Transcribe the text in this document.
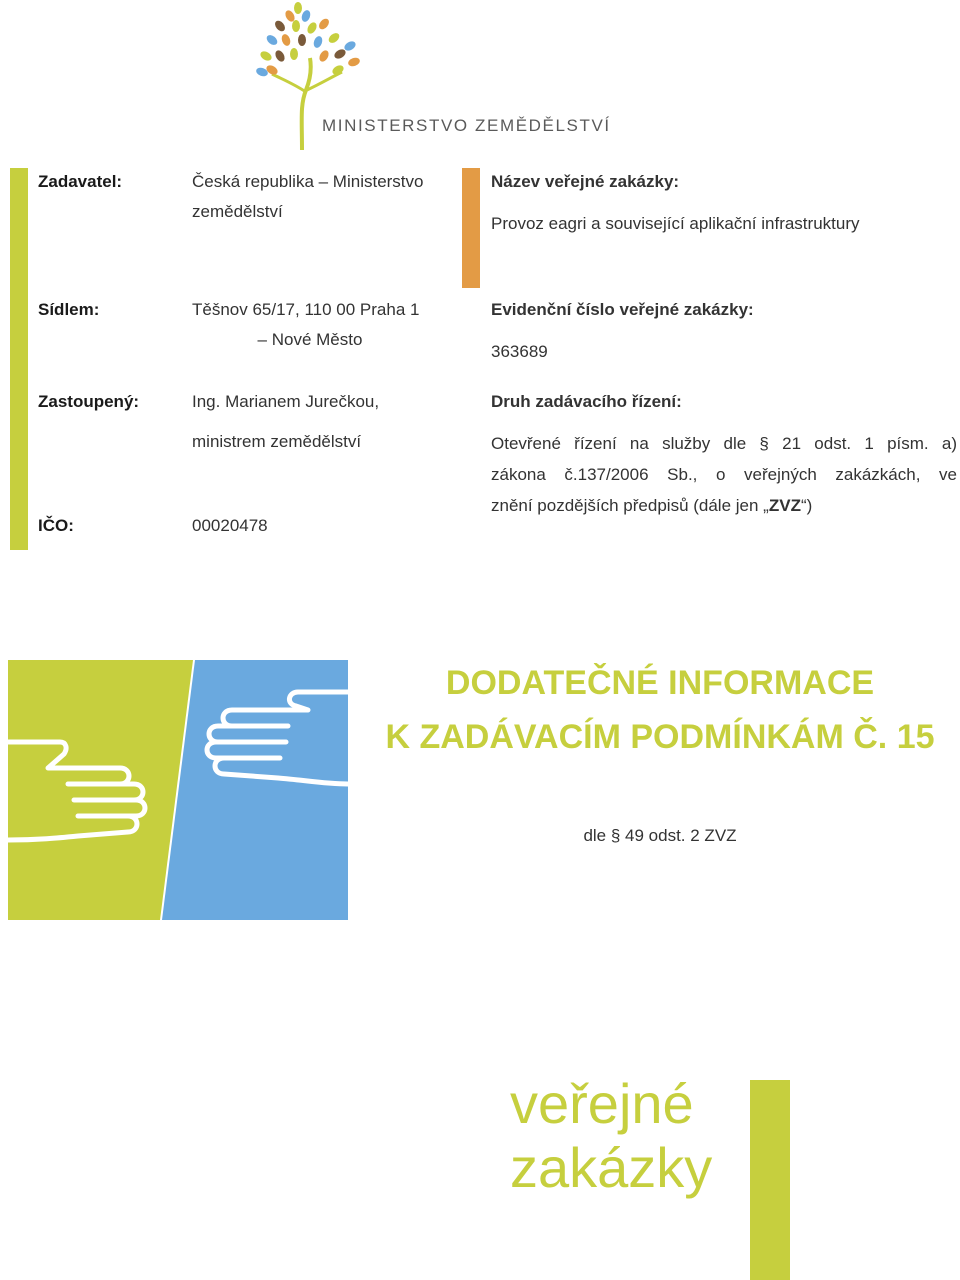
MINISTERSTVO ZEMĚDĚLSTVÍ
Zadavatel:	Česká republika – Ministerstvo
zemědělství
Sídlem:	Těšnov 65/17, 110 00 Praha 1
– Nové Město
Zastoupený:	Ing. Marianem Jurečkou,
ministrem zemědělství
IČO:	00020478
Název veřejné zakázky:
Provoz eagri a související aplikační infrastruktury
Evidenční číslo veřejné zakázky:
363689
Druh zadávacího řízení:
Otevřené řízení na služby dle § 21 odst. 1 písm. a)
zákona č.137/2006 Sb., o veřejných zakázkách, ve
znění pozdějších předpisů (dále jen „ZVZ“)
DODATEČNÉ INFORMACE
K ZADÁVACÍM PODMÍNKÁM Č. 15
dle § 49 odst. 2 ZVZ
veřejné
zakázky
